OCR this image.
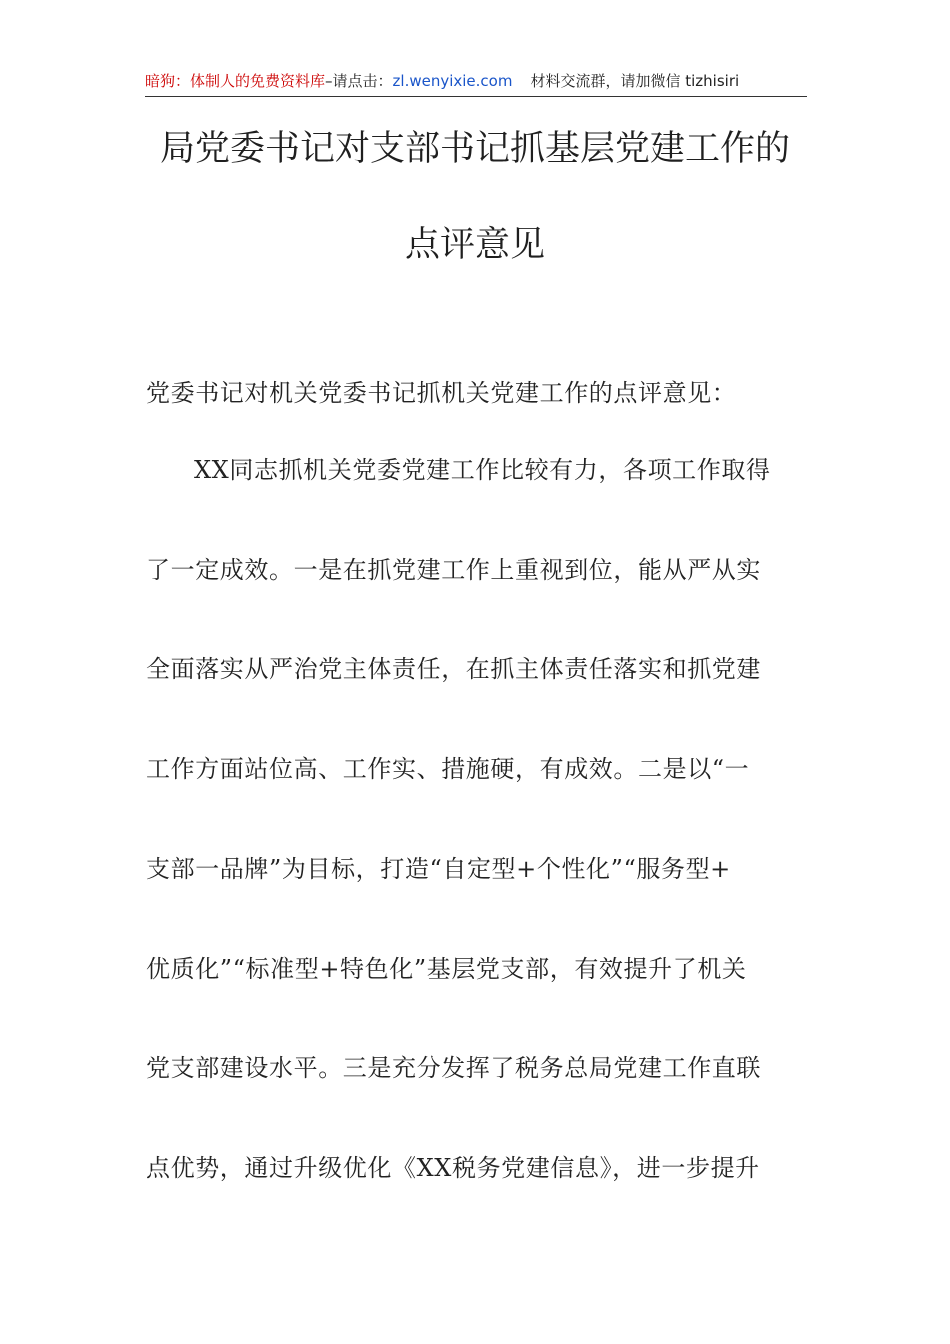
暗狗：体制人的免费资料库–请点击：zl.wenyixie.com 材料交流群，请加微信 tizhisiri
局党委书记对支部书记抓基层党建工作的
点评意见
党委书记对机关党委书记抓机关党建工作的点评意见：
XX同志抓机关党委党建工作比较有力，各项工作取得
了一定成效。一是在抓党建工作上重视到位，能从严从实
全面落实从严治党主体责任，在抓主体责任落实和抓党建
工作方面站位高、工作实、措施硬，有成效。二是以“一
支部一品牌”为目标，打造“自定型+个性化”“服务型+
优质化”“标准型+特色化”基层党支部，有效提升了机关
党支部建设水平。三是充分发挥了税务总局党建工作直联
点优势，通过升级优化《XX税务党建信息》，进一步提升
